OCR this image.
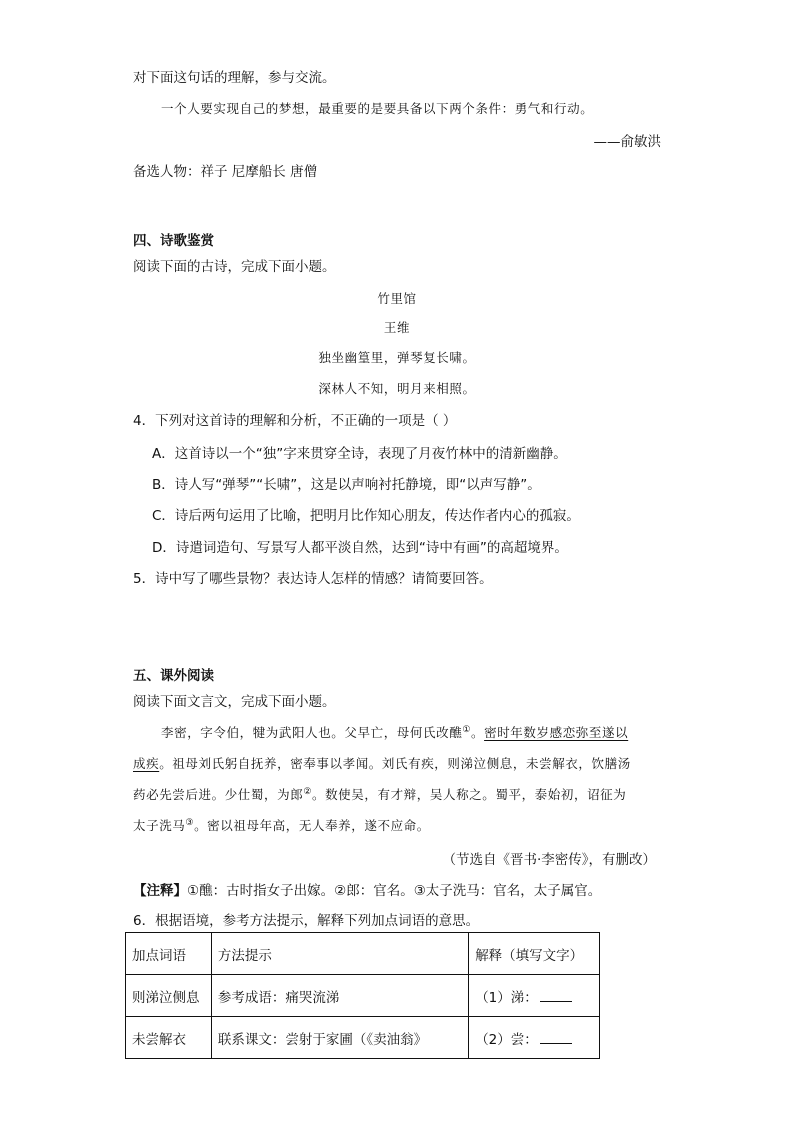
对下面这句话的理解，参与交流。
一个人要实现自己的梦想，最重要的是要具备以下两个条件：勇气和行动。
——俞敏洪
备选人物：祥子 尼摩船长 唐僧
四、诗歌鉴赏
阅读下面的古诗，完成下面小题。
竹里馆
王维
独坐幽篁里，弹琴复长啸。
深林人不知，明月来相照。
4．下列对这首诗的理解和分析，不正确的一项是（ ）
A．这首诗以一个“独”字来贯穿全诗，表现了月夜竹林中的清新幽静。
B．诗人写“弹琴”“长啸”，这是以声响衬托静境，即“以声写静”。
C．诗后两句运用了比喻，把明月比作知心朋友，传达作者内心的孤寂。
D．诗遣词造句、写景写人都平淡自然，达到“诗中有画”的高超境界。
5．诗中写了哪些景物？表达诗人怎样的情感？请简要回答。
五、课外阅读
阅读下面文言文，完成下面小题。
李密，字令伯，犍为武阳人也。父早亡，母何氏改醮①。密时年数岁感恋弥至遂以
成疾。祖母刘氏躬自抚养，密奉事以孝闻。刘氏有疾，则涕泣侧息，未尝解衣，饮膳汤
药必先尝后进。少仕蜀，为郎②。数使吴，有才辩，吴人称之。蜀平，泰始初，诏征为
太子洗马③。密以祖母年高，无人奉养，遂不应命。
（节选自《晋书·李密传》，有删改）
【注释】①醮：古时指女子出嫁。②郎：官名。③太子洗马：官名，太子属官。
6．根据语境，参考方法提示，解释下列加点词语的意思。
加点词语	方法提示	解释（填写文字）
则涕泣侧息	参考成语：痛哭流涕	（1）涕：
未尝解衣	联系课文：尝射于家圃（《卖油翁》	（2）尝：
